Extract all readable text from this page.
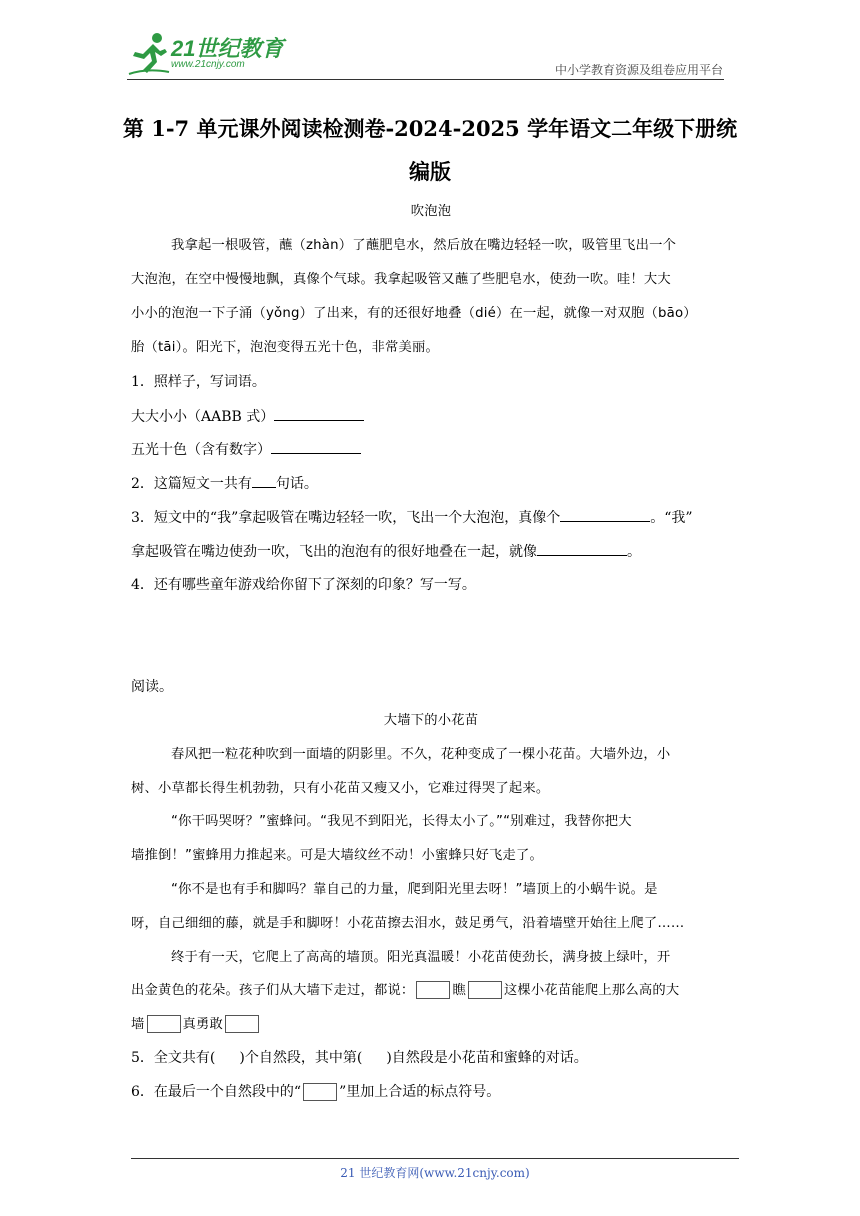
21世纪教育
www.21cnjy.com	中小学教育资源及组卷应用平台
第 1-7 单元课外阅读检测卷-2024-2025 学年语文二年级下册统
编版
吹泡泡
我拿起一根吸管，蘸（zhàn）了蘸肥皂水，然后放在嘴边轻轻一吹，吸管里飞出一个
大泡泡，在空中慢慢地飘，真像个气球。我拿起吸管又蘸了些肥皂水，使劲一吹。哇！大大
小小的泡泡一下子涌（yǒng）了出来，有的还很好地叠（dié）在一起，就像一对双胞（bāo）
胎（tāi）。阳光下，泡泡变得五光十色，非常美丽。
1．照样子，写词语。
大大小小（AABB 式）
五光十色（含有数字）
2．这篇短文一共有 句话。
3．短文中的“我”拿起吸管在嘴边轻轻一吹，飞出一个大泡泡，真像个	。“我”
拿起吸管在嘴边使劲一吹，飞出的泡泡有的很好地叠在一起，就像	。
4．还有哪些童年游戏给你留下了深刻的印象？写一写。
阅读。
大墙下的小花苗
春风把一粒花种吹到一面墙的阴影里。不久，花种变成了一棵小花苗。大墙外边，小
树、小草都长得生机勃勃，只有小花苗又瘦又小，它难过得哭了起来。
“你干吗哭呀？”蜜蜂问。“我见不到阳光，长得太小了。”“别难过，我替你把大
墙推倒！”蜜蜂用力推起来。可是大墙纹丝不动！小蜜蜂只好飞走了。
“你不是也有手和脚吗？靠自己的力量，爬到阳光里去呀！”墙顶上的小蜗牛说。是
呀，自己细细的藤，就是手和脚呀！小花苗擦去泪水，鼓足勇气，沿着墙壁开始往上爬了……
终于有一天，它爬上了高高的墙顶。阳光真温暖！小花苗使劲长，满身披上绿叶，开
出金黄色的花朵。孩子们从大墙下走过，都说：	瞧	这棵小花苗能爬上那么高的大
墙	真勇敢
5．全文共有( )个自然段，其中第( )自然段是小花苗和蜜蜂的对话。
6．在最后一个自然段中的“	”里加上合适的标点符号。
21 世纪教育网(www.21cnjy.com)
